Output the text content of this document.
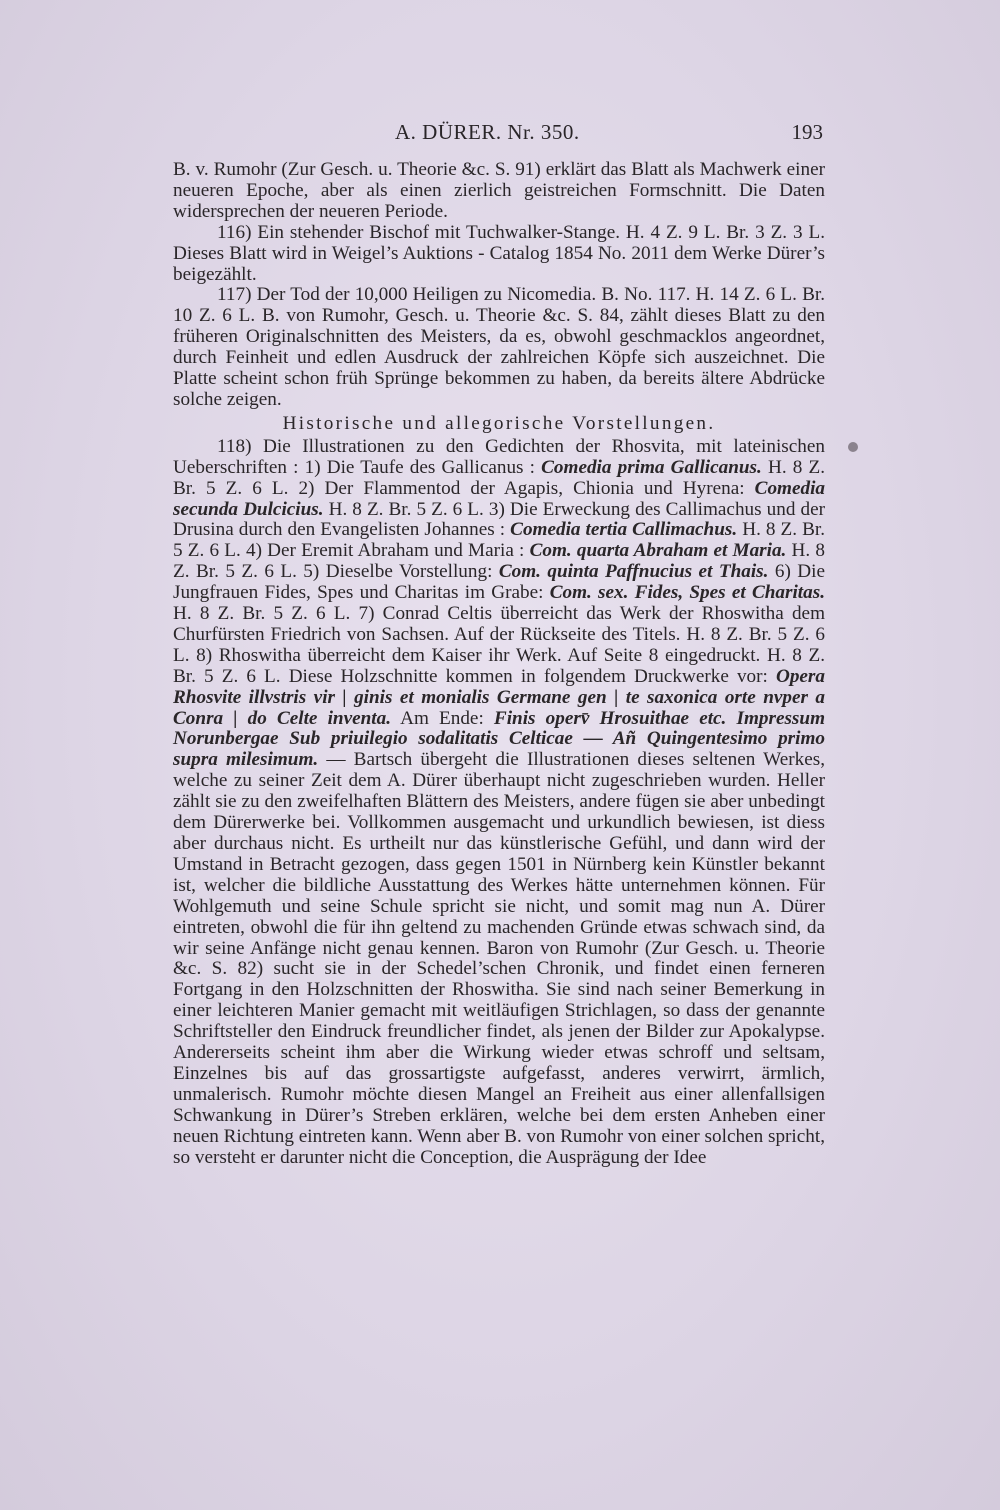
A. DÜRER. Nr. 350.	193

B. v. Rumohr (Zur Gesch. u. Theorie &c. S. 91) erklärt das Blatt als Machwerk einer neueren Epoche, aber als einen zierlich geistreichen Formschnitt. Die Daten widersprechen der neueren Periode.

116) Ein stehender Bischof mit Tuchwalker-Stange. H. 4 Z. 9 L. Br. 3 Z. 3 L. Dieses Blatt wird in Weigel’s Auktions - Catalog 1854 No. 2011 dem Werke Dürer’s beigezählt.

117) Der Tod der 10,000 Heiligen zu Nicomedia. B. No. 117. H. 14 Z. 6 L. Br. 10 Z. 6 L. B. von Rumohr, Gesch. u. Theorie &c. S. 84, zählt dieses Blatt zu den früheren Originalschnitten des Meisters, da es, obwohl geschmacklos angeordnet, durch Feinheit und edlen Ausdruck der zahlreichen Köpfe sich auszeichnet. Die Platte scheint schon früh Sprünge bekommen zu haben, da bereits ältere Abdrücke solche zeigen.

Historische und allegorische Vorstellungen.

118) Die Illustrationen zu den Gedichten der Rhosvita, mit lateinischen Ueberschriften : 1) Die Taufe des Gallicanus : Comedia prima Gallicanus. H. 8 Z. Br. 5 Z. 6 L. 2) Der Flammentod der Agapis, Chionia und Hyrena: Comedia secunda Dulcicius. H. 8 Z. Br. 5 Z. 6 L. 3) Die Erweckung des Callimachus und der Drusina durch den Evangelisten Johannes : Comedia tertia Callimachus. H. 8 Z. Br. 5 Z. 6 L. 4) Der Eremit Abraham und Maria : Com. quarta Abraham et Maria. H. 8 Z. Br. 5 Z. 6 L. 5) Dieselbe Vorstellung: Com. quinta Paffnucius et Thais. 6) Die Jungfrauen Fides, Spes und Charitas im Grabe: Com. sex. Fides, Spes et Charitas. H. 8 Z. Br. 5 Z. 6 L. 7) Conrad Celtis überreicht das Werk der Rhoswitha dem Churfürsten Friedrich von Sachsen. Auf der Rückseite des Titels. H. 8 Z. Br. 5 Z. 6 L. 8) Rhoswitha überreicht dem Kaiser ihr Werk. Auf Seite 8 eingedruckt. H. 8 Z. Br. 5 Z. 6 L. Diese Holzschnitte kommen in folgendem Druckwerke vor: Opera Rhosvite illvstris vir | ginis et monialis Germane gen | te saxonica orte nvper a Conra | do Celte inventa. Am Ende: Finis operv̄ Hrosuithae etc. Impressum Norunbergae Sub priuilegio sodalitatis Celticae — Añ Quingentesimo primo supra milesimum. — Bartsch übergeht die Illustrationen dieses seltenen Werkes, welche zu seiner Zeit dem A. Dürer überhaupt nicht zugeschrieben wurden. Heller zählt sie zu den zweifelhaften Blättern des Meisters, andere fügen sie aber unbedingt dem Dürerwerke bei. Vollkommen ausgemacht und urkundlich bewiesen, ist diess aber durchaus nicht. Es urtheilt nur das künstlerische Gefühl, und dann wird der Umstand in Betracht gezogen, dass gegen 1501 in Nürnberg kein Künstler bekannt ist, welcher die bildliche Ausstattung des Werkes hätte unternehmen können. Für Wohlgemuth und seine Schule spricht sie nicht, und somit mag nun A. Dürer eintreten, obwohl die für ihn geltend zu machenden Gründe etwas schwach sind, da wir seine Anfänge nicht genau kennen. Baron von Rumohr (Zur Gesch. u. Theorie &c. S. 82) sucht sie in der Schedel’schen Chronik, und findet einen ferneren Fortgang in den Holzschnitten der Rhoswitha. Sie sind nach seiner Bemerkung in einer leichteren Manier gemacht mit weitläufigen Strichlagen, so dass der genannte Schriftsteller den Eindruck freundlicher findet, als jenen der Bilder zur Apokalypse. Andererseits scheint ihm aber die Wirkung wieder etwas schroff und seltsam, Einzelnes bis auf das grossartigste aufgefasst, anderes verwirrt, ärmlich, unmalerisch. Rumohr möchte diesen Mangel an Freiheit aus einer allenfallsigen Schwankung in Dürer’s Streben erklären, welche bei dem ersten Anheben einer neuen Richtung eintreten kann. Wenn aber B. von Rumohr von einer solchen spricht, so versteht er darunter nicht die Conception, die Ausprägung der Idee
